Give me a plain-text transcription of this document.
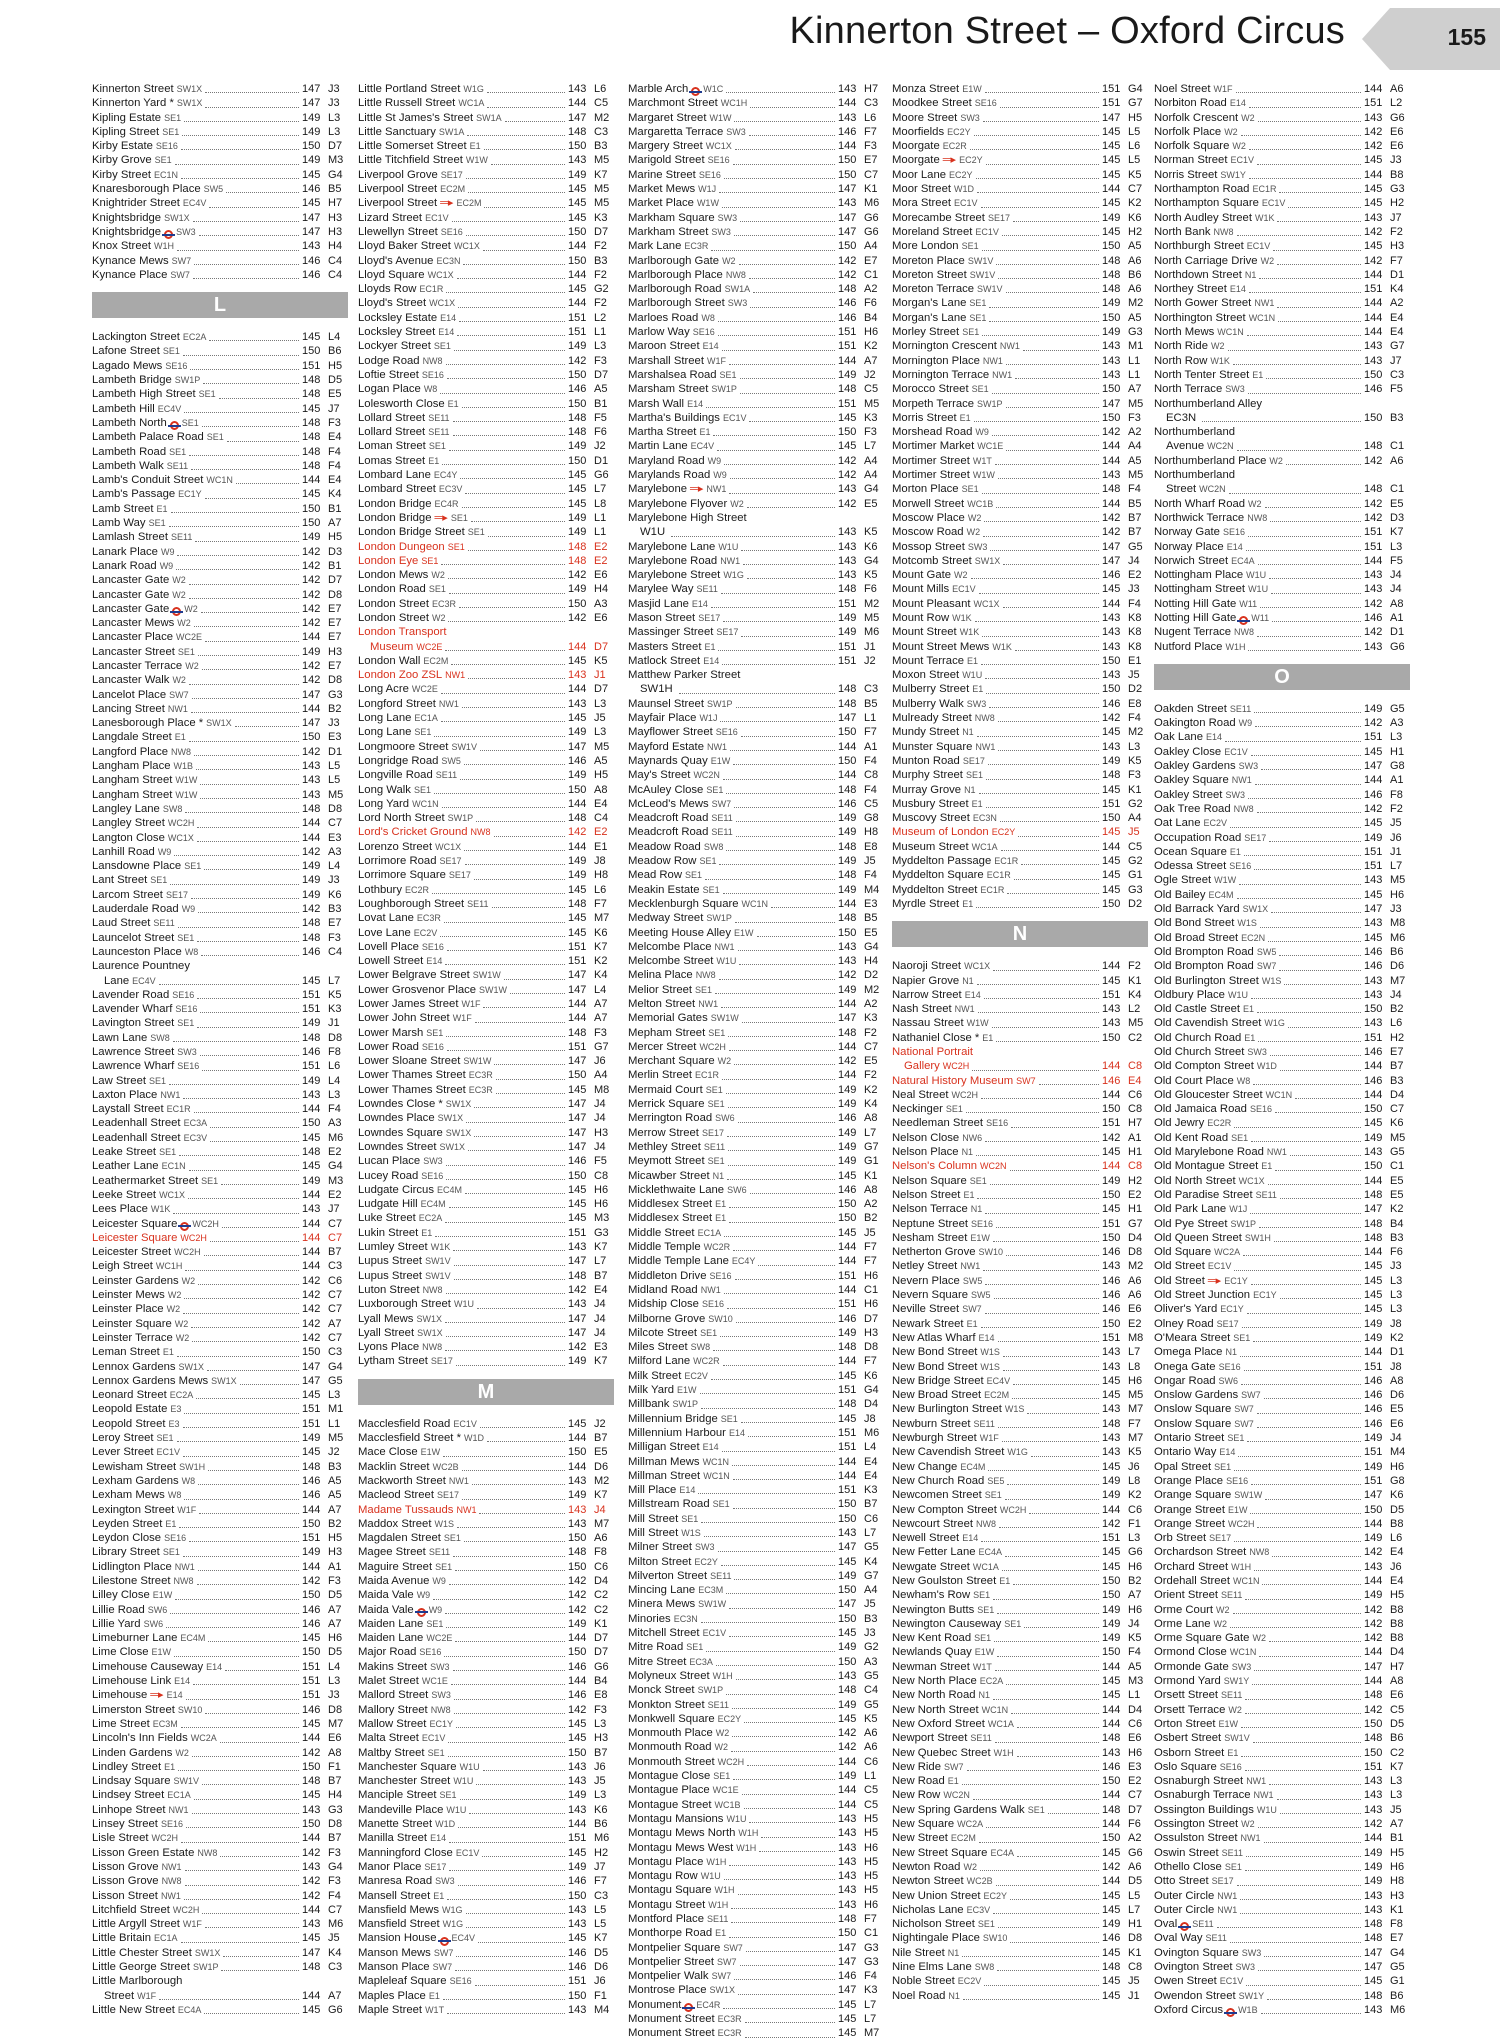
Kinnerton Street – Oxford Circus	155
Kinnerton Street SW1X	147 J3
Kinnerton Yard * SW1X	147 J3
Kipling Estate SE1	149 L3
Kipling Street SE1	149 L3
Kirby Estate SE16	150 D7
Kirby Grove SE1	149 M3
Kirby Street EC1N	145 G4
Knaresborough Place SW5	146 B5
Knightrider Street EC4V	145 H7
Knightsbridge SW1X	147 H3
Knightsbridge SW3	147 H3
Knox Street W1H	143 H4
Kynance Mews SW7	146 C4
Kynance Place SW7	146 C4
L
Lackington Street EC2A	145 L4
Lafone Street SE1	150 B6
Lagado Mews SE16	151 H5
Lambeth Bridge SW1P	148 D5
Lambeth High Street SE1	148 E5
Lambeth Hill EC4V	145 J7
Lambeth North SE1	148 F3
Lambeth Palace Road SE1	148 E4
Lambeth Road SE1	148 F4
Lambeth Walk SE11	148 F4
Lamb's Conduit Street WC1N	144 E4
Lamb's Passage EC1Y	145 K4
Lamb Street E1	150 B1
Lamb Way SE1	150 A7
Lamlash Street SE11	149 H5
Lanark Place W9	142 D3
Lanark Road W9	142 B1
Lancaster Gate W2	142 D7
Lancaster Gate W2	142 D8
Lancaster Gate W2	142 E7
Lancaster Mews W2	142 E7
Lancaster Place WC2E	144 E7
Lancaster Street SE1	149 H3
Lancaster Terrace W2	142 E7
Lancaster Walk W2	142 D8
Lancelot Place SW7	147 G3
Lancing Street NW1	144 B2
Lanesborough Place * SW1X	147 J3
Langdale Street E1	150 E3
Langford Place NW8	142 D1
Langham Place W1B	143 L5
Langham Street W1W	143 L5
Langham Street W1W	143 M5
Langley Lane SW8	148 D8
Langley Street WC2H	144 C7
Langton Close WC1X	144 E3
Lanhill Road W9	142 A3
Lansdowne Place SE1	149 L4
Lant Street SE1	149 J3
Larcom Street SE17	149 K6
Lauderdale Road W9	142 B3
Laud Street SE11	148 E7
Launcelot Street SE1	148 F3
Launceston Place W8	146 C4
Laurence Pountney
Lane EC4V	145 L7
Lavender Road SE16	151 K5
Lavender Wharf SE16	151 K3
Lavington Street SE1	149 J1
Lawn Lane SW8	148 D8
Lawrence Street SW3	146 F8
Lawrence Wharf SE16	151 L6
Law Street SE1	149 L4
Laxton Place NW1	143 L3
Laystall Street EC1R	144 F4
Leadenhall Street EC3A	150 A3
Leadenhall Street EC3V	145 M6
Leake Street SE1	148 E2
Leather Lane EC1N	145 G4
Leathermarket Street SE1	149 M3
Leeke Street WC1X	144 E2
Lees Place W1K	143 J7
Leicester Square WC2H	144 C7
Leicester Square WC2H	144 C7
Leicester Street WC2H	144 B7
Leigh Street WC1H	144 C3
Leinster Gardens W2	142 C6
Leinster Mews W2	142 C7
Leinster Place W2	142 C7
Leinster Square W2	142 A7
Leinster Terrace W2	142 C7
Leman Street E1	150 C3
Lennox Gardens SW1X	147 G4
Lennox Gardens Mews SW1X	147 G5
Leonard Street EC2A	145 L3
Leopold Estate E3	151 M1
Leopold Street E3	151 L1
Leroy Street SE1	149 M5
Lever Street EC1V	145 J2
Lewisham Street SW1H	148 B3
Lexham Gardens W8	146 A5
Lexham Mews W8	146 A5
Lexington Street W1F	144 A7
Leyden Street E1	150 B2
Leydon Close SE16	151 H5
Library Street SE1	149 H3
Lidlington Place NW1	144 A1
Lilestone Street NW8	142 F3
Lilley Close E1W	150 D5
Lillie Road SW6	146 A7
Lillie Yard SW6	146 A7
Limeburner Lane EC4M	145 H6
Lime Close E1W	150 D5
Limehouse Causeway E14	151 L4
Limehouse Link E14	151 L3
Limehouse ═▸ E14	151 J3
Limerston Street SW10	146 D8
Lime Street EC3M	145 M7
Lincoln's Inn Fields WC2A	144 E6
Linden Gardens W2	142 A8
Lindley Street E1	150 F1
Lindsay Square SW1V	148 B7
Lindsey Street EC1A	145 H4
Linhope Street NW1	143 G3
Linsey Street SE16	150 D8
Lisle Street WC2H	144 B7
Lisson Green Estate NW8	142 F3
Lisson Grove NW1	143 G4
Lisson Grove NW8	142 F3
Lisson Street NW1	142 F4
Litchfield Street WC2H	144 C7
Little Argyll Street W1F	143 M6
Little Britain EC1A	145 J5
Little Chester Street SW1X	147 K4
Little George Street SW1P	148 C3
Little Marlborough
Street W1F	144 A7
Little New Street EC4A	145 G6
Little Portland Street W1G	143 L6
Little Russell Street WC1A	144 C5
Little St James's Street SW1A	147 M2
Little Sanctuary SW1A	148 C3
Little Somerset Street E1	150 B3
Little Titchfield Street W1W	143 M5
Liverpool Grove SE17	149 K7
Liverpool Street EC2M	145 M5
Liverpool Street ═▸ EC2M	145 M5
Lizard Street EC1V	145 K3
Llewellyn Street SE16	150 D7
Lloyd Baker Street WC1X	144 F2
Lloyd's Avenue EC3N	150 B3
Lloyd Square WC1X	144 F2
Lloyds Row EC1R	145 G2
Lloyd's Street WC1X	144 F2
Locksley Estate E14	151 L2
Locksley Street E14	151 L1
Lockyer Street SE1	149 L3
Lodge Road NW8	142 F3
Loftie Street SE16	150 D7
Logan Place W8	146 A5
Lolesworth Close E1	150 B1
Lollard Street SE11	148 F5
Lollard Street SE11	148 F6
Loman Street SE1	149 J2
Lomas Street E1	150 D1
Lombard Lane EC4Y	145 G6
Lombard Street EC3V	145 L7
London Bridge EC4R	145 L8
London Bridge ═▸ SE1	149 L1
London Bridge Street SE1	149 L1
London Dungeon SE1	148 E2
London Eye SE1	148 E2
London Mews W2	142 E6
London Road SE1	149 H4
London Street EC3R	150 A3
London Street W2	142 E6
London Transport
Museum WC2E	144 D7
London Wall EC2M	145 K5
London Zoo ZSL NW1	143 J1
Long Acre WC2E	144 D7
Longford Street NW1	143 L3
Long Lane EC1A	145 J5
Long Lane SE1	149 L3
Longmoore Street SW1V	147 M5
Longridge Road SW5	146 A5
Longville Road SE11	149 H5
Long Walk SE1	150 A8
Long Yard WC1N	144 E4
Lord North Street SW1P	148 C4
Lord's Cricket Ground NW8	142 E2
Lorenzo Street WC1X	144 E1
Lorrimore Road SE17	149 J8
Lorrimore Square SE17	149 H8
Lothbury EC2R	145 L6
Loughborough Street SE11	148 F7
Lovat Lane EC3R	145 M7
Love Lane EC2V	145 K6
Lovell Place SE16	151 K7
Lowell Street E14	151 K2
Lower Belgrave Street SW1W	147 K4
Lower Grosvenor Place SW1W	147 L4
Lower James Street W1F	144 A7
Lower John Street W1F	144 A7
Lower Marsh SE1	148 F3
Lower Road SE16	151 G7
Lower Sloane Street SW1W	147 J6
Lower Thames Street EC3R	150 A4
Lower Thames Street EC3R	145 M8
Lowndes Close * SW1X	147 J4
Lowndes Place SW1X	147 J4
Lowndes Square SW1X	147 H3
Lowndes Street SW1X	147 J4
Lucan Place SW3	146 F5
Lucey Road SE16	150 C8
Ludgate Circus EC4M	145 H6
Ludgate Hill EC4M	145 H6
Luke Street EC2A	145 M3
Lukin Street E1	151 G3
Lumley Street W1K	143 K7
Lupus Street SW1V	147 L7
Lupus Street SW1V	148 B7
Luton Street NW8	142 E4
Luxborough Street W1U	143 J4
Lyall Mews SW1X	147 J4
Lyall Street SW1X	147 J4
Lyons Place NW8	142 E3
Lytham Street SE17	149 K7
M
Macclesfield Road EC1V	145 J2
Macclesfield Street * W1D	144 B7
Mace Close E1W	150 E5
Macklin Street WC2B	144 D6
Mackworth Street NW1	143 M2
Macleod Street SE17	149 K7
Madame Tussauds NW1	143 J4
Maddox Street W1S	143 M7
Magdalen Street SE1	150 A6
Magee Street SE11	148 F8
Maguire Street SE1	150 C6
Maida Avenue W9	142 D4
Maida Vale W9	142 C2
Maida Vale W9	142 C2
Maiden Lane SE1	149 K1
Maiden Lane WC2E	144 D7
Major Road SE16	150 D7
Makins Street SW3	146 G6
Malet Street WC1E	144 B4
Mallord Street SW3	146 E8
Mallory Street NW8	142 F3
Mallow Street EC1Y	145 L3
Malta Street EC1V	145 H3
Maltby Street SE1	150 B7
Manchester Square W1U	143 J6
Manchester Street W1U	143 J5
Manciple Street SE1	149 L3
Mandeville Place W1U	143 K6
Manette Street W1D	144 B6
Manilla Street E14	151 M6
Manningford Close EC1V	145 H2
Manor Place SE17	149 J7
Manresa Road SW3	146 F7
Mansell Street E1	150 C3
Mansfield Mews W1G	143 L5
Mansfield Street W1G	143 L5
Mansion House EC4V	145 K7
Manson Mews SW7	146 D5
Manson Place SW7	146 D6
Mapleleaf Square SE16	151 J6
Maples Place E1	150 F1
Maple Street W1T	143 M4
Marble Arch W1C	143 H7
Marchmont Street WC1H	144 C3
Margaret Street W1W	143 L6
Margaretta Terrace SW3	146 F7
Margery Street WC1X	144 F3
Marigold Street SE16	150 E7
Marine Street SE16	150 C7
Market Mews W1J	147 K1
Market Place W1W	143 M6
Markham Square SW3	147 G6
Markham Street SW3	147 G6
Mark Lane EC3R	150 A4
Marlborough Gate W2	142 E7
Marlborough Place NW8	142 C1
Marlborough Road SW1A	148 A2
Marlborough Street SW3	146 F6
Marloes Road W8	146 B4
Marlow Way SE16	151 H6
Maroon Street E14	151 K2
Marshall Street W1F	144 A7
Marshalsea Road SE1	149 J2
Marsham Street SW1P	148 C5
Marsh Wall E14	151 M5
Martha's Buildings EC1V	145 K3
Martha Street E1	150 F3
Martin Lane EC4V	145 L7
Maryland Road W9	142 A4
Marylands Road W9	142 A4
Marylebone ═▸ NW1	143 G4
Marylebone Flyover W2	142 E5
Marylebone High Street
W1U	143 K5
Marylebone Lane W1U	143 K6
Marylebone Road NW1	143 G4
Marylebone Street W1G	143 K5
Marylee Way SE11	148 F6
Masjid Lane E14	151 M2
Mason Street SE17	149 M5
Massinger Street SE17	149 M6
Masters Street E1	151 J1
Matlock Street E14	151 J2
Matthew Parker Street
SW1H	148 C3
Maunsel Street SW1P	148 B5
Mayfair Place W1J	147 L1
Mayflower Street SE16	150 F7
Mayford Estate NW1	144 A1
Maynards Quay E1W	150 F4
May's Street WC2N	144 C8
McAuley Close SE1	148 F4
McLeod's Mews SW7	146 C5
Meadcroft Road SE11	149 G8
Meadcroft Road SE11	149 H8
Meadow Road SW8	148 E8
Meadow Row SE1	149 J5
Mead Row SE1	148 F4
Meakin Estate SE1	149 M4
Mecklenburgh Square WC1N	144 E3
Medway Street SW1P	148 B5
Meeting House Alley E1W	150 E5
Melcombe Place NW1	143 G4
Melcombe Street W1U	143 H4
Melina Place NW8	142 D2
Melior Street SE1	149 M2
Melton Street NW1	144 A2
Memorial Gates SW1W	147 K3
Mepham Street SE1	148 F2
Mercer Street WC2H	144 C7
Merchant Square W2	142 E5
Merlin Street EC1R	144 F2
Mermaid Court SE1	149 K2
Merrick Square SE1	149 K4
Merrington Road SW6	146 A8
Merrow Street SE17	149 L7
Methley Street SE11	149 G7
Meymott Street SE1	149 G1
Micawber Street N1	145 K1
Micklethwaite Lane SW6	146 A8
Middlesex Street E1	150 A2
Middlesex Street E1	150 B2
Middle Street EC1A	145 J5
Middle Temple WC2R	144 F7
Middle Temple Lane EC4Y	144 F7
Middleton Drive SE16	151 H6
Midland Road NW1	144 C1
Midship Close SE16	151 H6
Milborne Grove SW10	146 D7
Milcote Street SE1	149 H3
Miles Street SW8	148 D8
Milford Lane WC2R	144 F7
Milk Street EC2V	145 K6
Milk Yard E1W	151 G4
Millbank SW1P	148 D4
Millennium Bridge SE1	145 J8
Millennium Harbour E14	151 M6
Milligan Street E14	151 L4
Millman Mews WC1N	144 E4
Millman Street WC1N	144 E4
Mill Place E14	151 K3
Millstream Road SE1	150 B7
Mill Street SE1	150 C6
Mill Street W1S	143 L7
Milner Street SW3	147 G5
Milton Street EC2Y	145 K4
Milverton Street SE11	149 G7
Mincing Lane EC3M	150 A4
Minera Mews SW1W	147 J5
Minories EC3N	150 B3
Mitchell Street EC1V	145 J3
Mitre Road SE1	149 G2
Mitre Street EC3A	150 A3
Molyneux Street W1H	143 G5
Monck Street SW1P	148 C4
Monkton Street SE11	149 G5
Monkwell Square EC2Y	145 K5
Monmouth Place W2	142 A6
Monmouth Road W2	142 A6
Monmouth Street WC2H	144 C6
Montague Close SE1	149 L1
Montague Place WC1E	144 C5
Montague Street WC1B	144 C5
Montagu Mansions W1U	143 H5
Montagu Mews North W1H	143 H5
Montagu Mews West W1H	143 H6
Montagu Place W1H	143 H5
Montagu Row W1U	143 H5
Montagu Square W1H	143 H5
Montagu Street W1H	143 H6
Montford Place SE11	148 F7
Monthorpe Road E1	150 C1
Montpelier Square SW7	147 G3
Montpelier Street SW7	147 G3
Montpelier Walk SW7	146 F4
Montrose Place SW1X	147 K3
Monument EC4R	145 L7
Monument Street EC3R	145 L7
Monument Street EC3R	145 M7
Monza Street E1W	151 G4
Moodkee Street SE16	151 G7
Moore Street SW3	147 H5
Moorfields EC2Y	145 L5
Moorgate EC2R	145 L6
Moorgate ═▸ EC2Y	145 L5
Moor Lane EC2Y	145 K5
Moor Street W1D	144 C7
Mora Street EC1V	145 K2
Morecambe Street SE17	149 K6
Moreland Street EC1V	145 H2
More London SE1	150 A5
Moreton Place SW1V	148 A6
Moreton Street SW1V	148 B6
Moreton Terrace SW1V	148 A6
Morgan's Lane SE1	149 M2
Morgan's Lane SE1	150 A5
Morley Street SE1	149 G3
Mornington Crescent NW1	143 M1
Mornington Place NW1	143 L1
Mornington Terrace NW1	143 L1
Morocco Street SE1	150 A7
Morpeth Terrace SW1P	147 M5
Morris Street E1	150 F3
Morshead Road W9	142 A2
Mortimer Market WC1E	144 A4
Mortimer Street W1T	144 A5
Mortimer Street W1W	143 M5
Morton Place SE1	148 F4
Morwell Street WC1B	144 B5
Moscow Place W2	142 B7
Moscow Road W2	142 B7
Mossop Street SW3	147 G5
Motcomb Street SW1X	147 J4
Mount Gate W2	146 E2
Mount Mills EC1V	145 J3
Mount Pleasant WC1X	144 F4
Mount Row W1K	143 K8
Mount Street W1K	143 K8
Mount Street Mews W1K	143 K8
Mount Terrace E1	150 E1
Moxon Street W1U	143 J5
Mulberry Street E1	150 D2
Mulberry Walk SW3	146 E8
Mulready Street NW8	142 F4
Mundy Street N1	145 M2
Munster Square NW1	143 L3
Munton Road SE17	149 K5
Murphy Street SE1	148 F3
Murray Grove N1	145 K1
Musbury Street E1	151 G2
Muscovy Street EC3N	150 A4
Museum of London EC2Y	145 J5
Museum Street WC1A	144 C5
Myddelton Passage EC1R	145 G2
Myddelton Square EC1R	145 G1
Myddelton Street EC1R	145 G3
Myrdle Street E1	150 D2
N
Naoroji Street WC1X	144 F2
Napier Grove N1	145 K1
Narrow Street E14	151 K4
Nash Street NW1	143 L2
Nassau Street W1W	143 M5
Nathaniel Close * E1	150 C2
National Portrait
Gallery WC2H	144 C8
Natural History Museum SW7	146 E4
Neal Street WC2H	144 C6
Neckinger SE1	150 C8
Needleman Street SE16	151 H7
Nelson Close NW6	142 A1
Nelson Place N1	145 H1
Nelson's Column WC2N	144 C8
Nelson Square SE1	149 H2
Nelson Street E1	150 E2
Nelson Terrace N1	145 H1
Neptune Street SE16	151 G7
Nesham Street E1W	150 D4
Netherton Grove SW10	146 D8
Netley Street NW1	143 M2
Nevern Place SW5	146 A6
Nevern Square SW5	146 A6
Neville Street SW7	146 E6
Newark Street E1	150 E2
New Atlas Wharf E14	151 M8
New Bond Street W1S	143 L7
New Bond Street W1S	143 L8
New Bridge Street EC4V	145 H6
New Broad Street EC2M	145 M5
New Burlington Street W1S	143 M7
Newburn Street SE11	148 F7
Newburgh Street W1F	143 M7
New Cavendish Street W1G	143 K5
New Change EC4M	145 J6
New Church Road SE5	149 L8
Newcomen Street SE1	149 K2
New Compton Street WC2H	144 C6
Newcourt Street NW8	142 F1
Newell Street E14	151 L3
New Fetter Lane EC4A	145 G6
Newgate Street WC1A	145 H6
New Goulston Street E1	150 B2
Newham's Row SE1	150 A7
Newington Butts SE1	149 H6
Newington Causeway SE1	149 J4
New Kent Road SE1	149 K5
Newlands Quay E1W	150 F4
Newman Street W1T	144 A5
New North Place EC2A	145 M3
New North Road N1	145 L1
New North Street WC1N	144 D4
New Oxford Street WC1A	144 C6
Newport Street SE11	148 E6
New Quebec Street W1H	143 H6
New Ride SW7	146 E3
New Road E1	150 E2
New Row WC2N	144 C7
New Spring Gardens Walk SE1	148 D7
New Square WC2A	144 F6
New Street EC2M	150 A2
New Street Square EC4A	145 G6
Newton Road W2	142 A6
Newton Street WC2B	144 D5
New Union Street EC2Y	145 L5
Nicholas Lane EC3V	145 L7
Nicholson Street SE1	149 H1
Nightingale Place SW10	146 D8
Nile Street N1	145 K1
Nine Elms Lane SW8	148 C8
Noble Street EC2V	145 J5
Noel Road N1	145 J1
Noel Street W1F	144 A6
Norbiton Road E14	151 L2
Norfolk Crescent W2	143 G6
Norfolk Place W2	142 E6
Norfolk Square W2	142 E6
Norman Street EC1V	145 J3
Norris Street SW1Y	144 B8
Northampton Road EC1R	145 G3
Northampton Square EC1V	145 H2
North Audley Street W1K	143 J7
North Bank NW8	142 F2
Northburgh Street EC1V	145 H3
North Carriage Drive W2	142 F7
Northdown Street N1	144 D1
Northey Street E14	151 K4
North Gower Street NW1	144 A2
Northington Street WC1N	144 E4
North Mews WC1N	144 E4
North Ride W2	143 G7
North Row W1K	143 J7
North Tenter Street E1	150 C3
North Terrace SW3	146 F5
Northumberland Alley
EC3N	150 B3
Northumberland
Avenue WC2N	148 C1
Northumberland Place W2	142 A6
Northumberland
Street WC2N	148 C1
North Wharf Road W2	142 E5
Northwick Terrace NW8	142 D3
Norway Gate SE16	151 K7
Norway Place E14	151 L3
Norwich Street EC4A	144 F5
Nottingham Place W1U	143 J4
Nottingham Street W1U	143 J4
Notting Hill Gate W11	142 A8
Notting Hill Gate W11	146 A1
Nugent Terrace NW8	142 D1
Nutford Place W1H	143 G6
O
Oakden Street SE11	149 G5
Oakington Road W9	142 A3
Oak Lane E14	151 L3
Oakley Close EC1V	145 H1
Oakley Gardens SW3	147 G8
Oakley Square NW1	144 A1
Oakley Street SW3	146 F8
Oak Tree Road NW8	142 F2
Oat Lane EC2V	145 J5
Occupation Road SE17	149 J6
Ocean Square E1	151 J1
Odessa Street SE16	151 L7
Ogle Street W1W	143 M5
Old Bailey EC4M	145 H6
Old Barrack Yard SW1X	147 J3
Old Bond Street W1S	143 M8
Old Broad Street EC2N	145 M6
Old Brompton Road SW5	146 B6
Old Brompton Road SW7	146 D6
Old Burlington Street W1S	143 M7
Oldbury Place W1U	143 J4
Old Castle Street E1	150 B2
Old Cavendish Street W1G	143 L6
Old Church Road E1	151 H2
Old Church Street SW3	146 E7
Old Compton Street W1D	144 B7
Old Court Place W8	146 B3
Old Gloucester Street WC1N	144 D4
Old Jamaica Road SE16	150 C7
Old Jewry EC2R	145 K6
Old Kent Road SE1	149 M5
Old Marylebone Road NW1	143 G5
Old Montague Street E1	150 C1
Old North Street WC1X	144 E5
Old Paradise Street SE11	148 E5
Old Park Lane W1J	147 K2
Old Pye Street SW1P	148 B4
Old Queen Street SW1H	148 B3
Old Square WC2A	144 F6
Old Street EC1V	145 J3
Old Street ═▸ EC1Y	145 L3
Old Street Junction EC1Y	145 L3
Oliver's Yard EC1Y	145 L3
Olney Road SE17	149 J8
O'Meara Street SE1	149 K2
Omega Place N1	144 D1
Onega Gate SE16	151 J8
Ongar Road SW6	146 A8
Onslow Gardens SW7	146 D6
Onslow Square SW7	146 E5
Onslow Square SW7	146 E6
Ontario Street SE1	149 J4
Ontario Way E14	151 M4
Opal Street SE1	149 H6
Orange Place SE16	151 G8
Orange Square SW1W	147 K6
Orange Street E1W	150 D5
Orange Street WC2H	144 B8
Orb Street SE17	149 L6
Orchardson Street NW8	142 E4
Orchard Street W1H	143 J6
Ordehall Street WC1N	144 E4
Orient Street SE11	149 H5
Orme Court W2	142 B8
Orme Lane W2	142 B8
Orme Square Gate W2	142 B8
Ormond Close WC1N	144 D4
Ormonde Gate SW3	147 H7
Ormond Yard SW1Y	144 A8
Orsett Street SE11	148 E6
Orsett Terrace W2	142 C5
Orton Street E1W	150 D5
Osbert Street SW1V	148 B6
Osborn Street E1	150 C2
Oslo Square SE16	151 K7
Osnaburgh Street NW1	143 L3
Osnaburgh Terrace NW1	143 L3
Ossington Buildings W1U	143 J5
Ossington Street W2	142 A7
Ossulston Street NW1	144 B1
Oswin Street SE11	149 H5
Othello Close SE1	149 H6
Otto Street SE17	149 H8
Outer Circle NW1	143 H3
Outer Circle NW1	143 K1
Oval SE11	148 F8
Oval Way SE11	148 E7
Ovington Square SW3	147 G4
Ovington Street SW3	147 G5
Owen Street EC1V	145 G1
Owendon Street SW1Y	148 B6
Oxford Circus W1B	143 M6
